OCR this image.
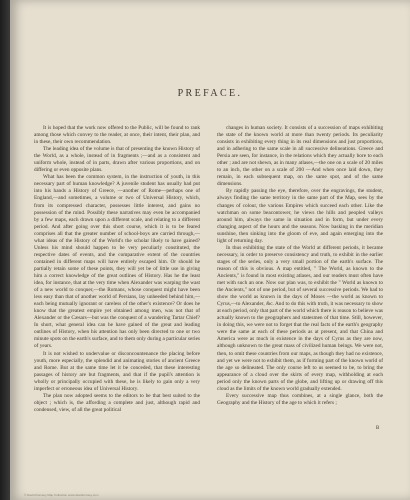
PREFACE.

It is hoped that the work now offered to the Public, will be found to rank among those which convey to the reader, at once, their intent, their plan, and in these, their own recommendation.

The leading idea of the volume is that of presenting the known History of the World, as a whole, instead of in fragments ;—and as a consistent and uniform whole, instead of in parts, drawn after various proportions, and on differing or even opposite plans.

What has been the common system, in the instruction of youth, in this necessary part of human knowledge? A juvenile student has usually had put into his hands a History of Greece, —another of Rome—perhaps one of England,—and sometimes, a volume or two of Universal History, which, from its compressed character, possesses little interest, and gains no possession of the mind. Possibly these narratives may even be accompanied by a few maps, each drawn upon a different scale, and relating to a different period. And after going over this short course, which it is to be feared comprises all that the greater number of school-boys are carried through,—what ideas of the History of the World's the scholar likely to have gained? Unless his mind should happen to be very peculiarly constituted, the respective dates of events, and the comparative extent of the countries contained in different maps will have entirely escaped him. Or should he partially retain some of these points, they will yet be of little use in giving him a correct knowledge of the great outlines of History. Has he the least idea, for instance, that at the very time when Alexander was warping the wast of a new world to conquer,—the Romans, whose conquest might have been less easy than that of another world of Persians, lay unheeded behind him,—each being mutually ignorant or careless of the other's existence? Or does he know that the greatest empire yet obtained among men, was not that of Alexander or the Cæsars—but was the conquest of a wandering Tartar Chief? In short, what general idea can he have gained of the great and leading outlines of History, when his attention has only been directed to one or two minute spots on the earth's surface, and to them only during a particular series of years.

It is not wished to undervalue or disconcountenance the placing before youth, more especially, the splendid and animating stories of ancient Greece and Rome. But at the same time let it be conceded, that these interesting passages of history are but fragments, and that if the pupil's attention is wholly or principally occupied with these, he is likely to gain only a very imperfect or erroneous idea of Universal History.

The plan now adopted seems to the editors to be that best suited to the object ; which is, the affording a complete and just, although rapid and condensed, view, of all the great political

changes in human society. It consists of a succession of maps exhibiting the state of the known world at more than twenty periods. Its peculiarity consists in exhibiting every thing in its real dimensions and just proportions, and in adhering to the same scale in all successive delineations. Greece and Persia are seen, for instance, in the relations which they actually bore to each other ; and are not shewn, as in many atlases,—the one on a scale of 20 miles to an inch, the other on a scale of 200 —And when once laid down, they remain, in each subsequent map, on the same spot, and of the same dimensions.

By rapidly passing the eye, therefore, over the engravings, the student, always finding the same territory in the same part of the Map, sees by the changes of colour, the various Empires which succeed each other. Like the watchman on some beacontower, he views the hills and peopled valleys around him, always the same in situation and in form, but under every changing aspect of the hours and the seasons. Now basking in the meridian sunshine, then sinking into the gloom of eve, and again emerging into the light of returning day.

In thus exhibiting the state of the World at different periods, it became necessary, in order to preserve consistency and truth, to exhibit in the earlier stages of the series, only a very small portion of the earth's surface. The reason of this is obvious. A map entitled, " The World, as known to the Ancients," is found in most existing atlases, and our readers must often have met with such an one. Now our plan was, to exhibit the " World as known to the Ancients," not of one period, but of several successive periods. We had to show the world as known in the days of Moses —the world as known to Cyrus,—to Alexander, &c. And to do this with truth, it was necessary to show at each period, only that part of the world which there is reason to believe was actually known to the geographers and statesmen of that time. Still, however, in doing this, we were not to forget that the real facts of the earth's geography were the same at each of these periods as at present, and that China and America were as much in existence in the days of Cyrus as they are now, although unknown to the great mass of civilized human beings. We were not, then, to omit these countries from our maps, as though they had no existence, and yet we were not to exhibit them, as if forming part of the known world of the age so delineated. The only course left to us seemed to be, to bring the appearance of a cloud over the skirts of every map, withholding at each period only the known parts of the globe, and lifting up or drawing off this cloud as the limits of the known world gradually extended.

Every successive map thus combines, at a single glance, both the Geography and the History of the age to which it refers ;

B
© David Rumsey Map Collection www.davidrumsey.com
